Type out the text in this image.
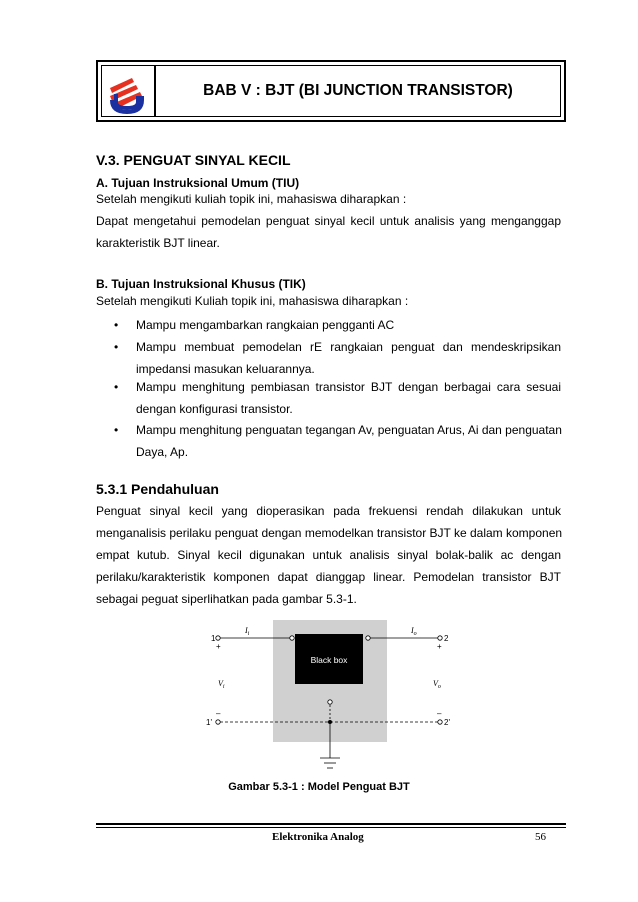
BAB V : BJT (BI JUNCTION TRANSISTOR)
V.3. PENGUAT SINYAL KECIL
A. Tujuan Instruksional Umum (TIU)
Setelah mengikuti kuliah topik ini, mahasiswa diharapkan :
Dapat mengetahui pemodelan penguat sinyal kecil untuk analisis yang menganggap
karakteristik BJT linear.
B. Tujuan Instruksional Khusus (TIK)
Setelah mengikuti Kuliah topik ini, mahasiswa diharapkan :
• Mampu mengambarkan rangkaian pengganti AC
• Mampu membuat pemodelan rE rangkaian penguat dan mendeskripsikan
impedansi masukan keluarannya.
• Mampu menghitung pembiasan transistor BJT dengan berbagai cara sesuai
dengan konfigurasi transistor.
• Mampu menghitung penguatan tegangan Av, penguatan Arus, Ai dan penguatan
Daya, Ap.
5.3.1 Pendahuluan
Penguat sinyal kecil yang dioperasikan pada frekuensi rendah dilakukan untuk
menganalisis perilaku penguat dengan memodelkan transistor BJT ke dalam komponen
empat kutub. Sinyal kecil digunakan untuk analisis sinyal bolak-balik ac dengan
perilaku/karakteristik komponen dapat dianggap linear. Pemodelan transistor BJT
sebagai peguat siperlihatkan pada gambar 5.3-1.
Black box
1
+
1'
–
2
+
2'
–
$I_i$	$I_o$
$V_i$	$V_o$
Gambar 5.3-1 : Model Penguat BJT
Elektronika Analog	56
